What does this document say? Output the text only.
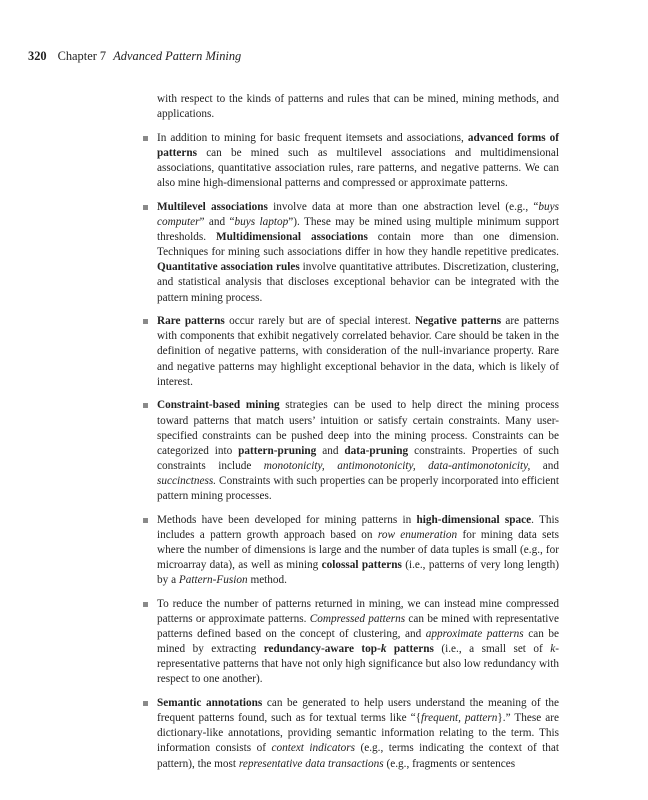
320 Chapter 7 Advanced Pattern Mining

with respect to the kinds of patterns and rules that can be mined, mining methods, and applications.

In addition to mining for basic frequent itemsets and associations, advanced forms of patterns can be mined such as multilevel associations and multidimensional associations, quantitative association rules, rare patterns, and negative patterns. We can also mine high-dimensional patterns and compressed or approximate patterns.
Multilevel associations involve data at more than one abstraction level (e.g., “buys computer” and “buys laptop”). These may be mined using multiple minimum support thresholds. Multidimensional associations contain more than one dimension. Techniques for mining such associations differ in how they handle repetitive predicates. Quantitative association rules involve quantitative attributes. Discretization, clustering, and statistical analysis that discloses exceptional behavior can be integrated with the pattern mining process.
Rare patterns occur rarely but are of special interest. Negative patterns are patterns with components that exhibit negatively correlated behavior. Care should be taken in the definition of negative patterns, with consideration of the null-invariance property. Rare and negative patterns may highlight exceptional behavior in the data, which is likely of interest.
Constraint-based mining strategies can be used to help direct the mining process toward patterns that match users’ intuition or satisfy certain constraints. Many user-specified constraints can be pushed deep into the mining process. Constraints can be categorized into pattern-pruning and data-pruning constraints. Properties of such constraints include monotonicity, antimonotonicity, data-antimonotonicity, and succinctness. Constraints with such properties can be properly incorporated into efficient pattern mining processes.
Methods have been developed for mining patterns in high-dimensional space. This includes a pattern growth approach based on row enumeration for mining data sets where the number of dimensions is large and the number of data tuples is small (e.g., for microarray data), as well as mining colossal patterns (i.e., patterns of very long length) by a Pattern-Fusion method.
To reduce the number of patterns returned in mining, we can instead mine compressed patterns or approximate patterns. Compressed patterns can be mined with representative patterns defined based on the concept of clustering, and approximate patterns can be mined by extracting redundancy-aware top-k patterns (i.e., a small set of k-representative patterns that have not only high significance but also low redundancy with respect to one another).
Semantic annotations can be generated to help users understand the meaning of the frequent patterns found, such as for textual terms like “{frequent, pattern}.” These are dictionary-like annotations, providing semantic information relating to the term. This information consists of context indicators (e.g., terms indicating the context of that pattern), the most representative data transactions (e.g., fragments or sentences
